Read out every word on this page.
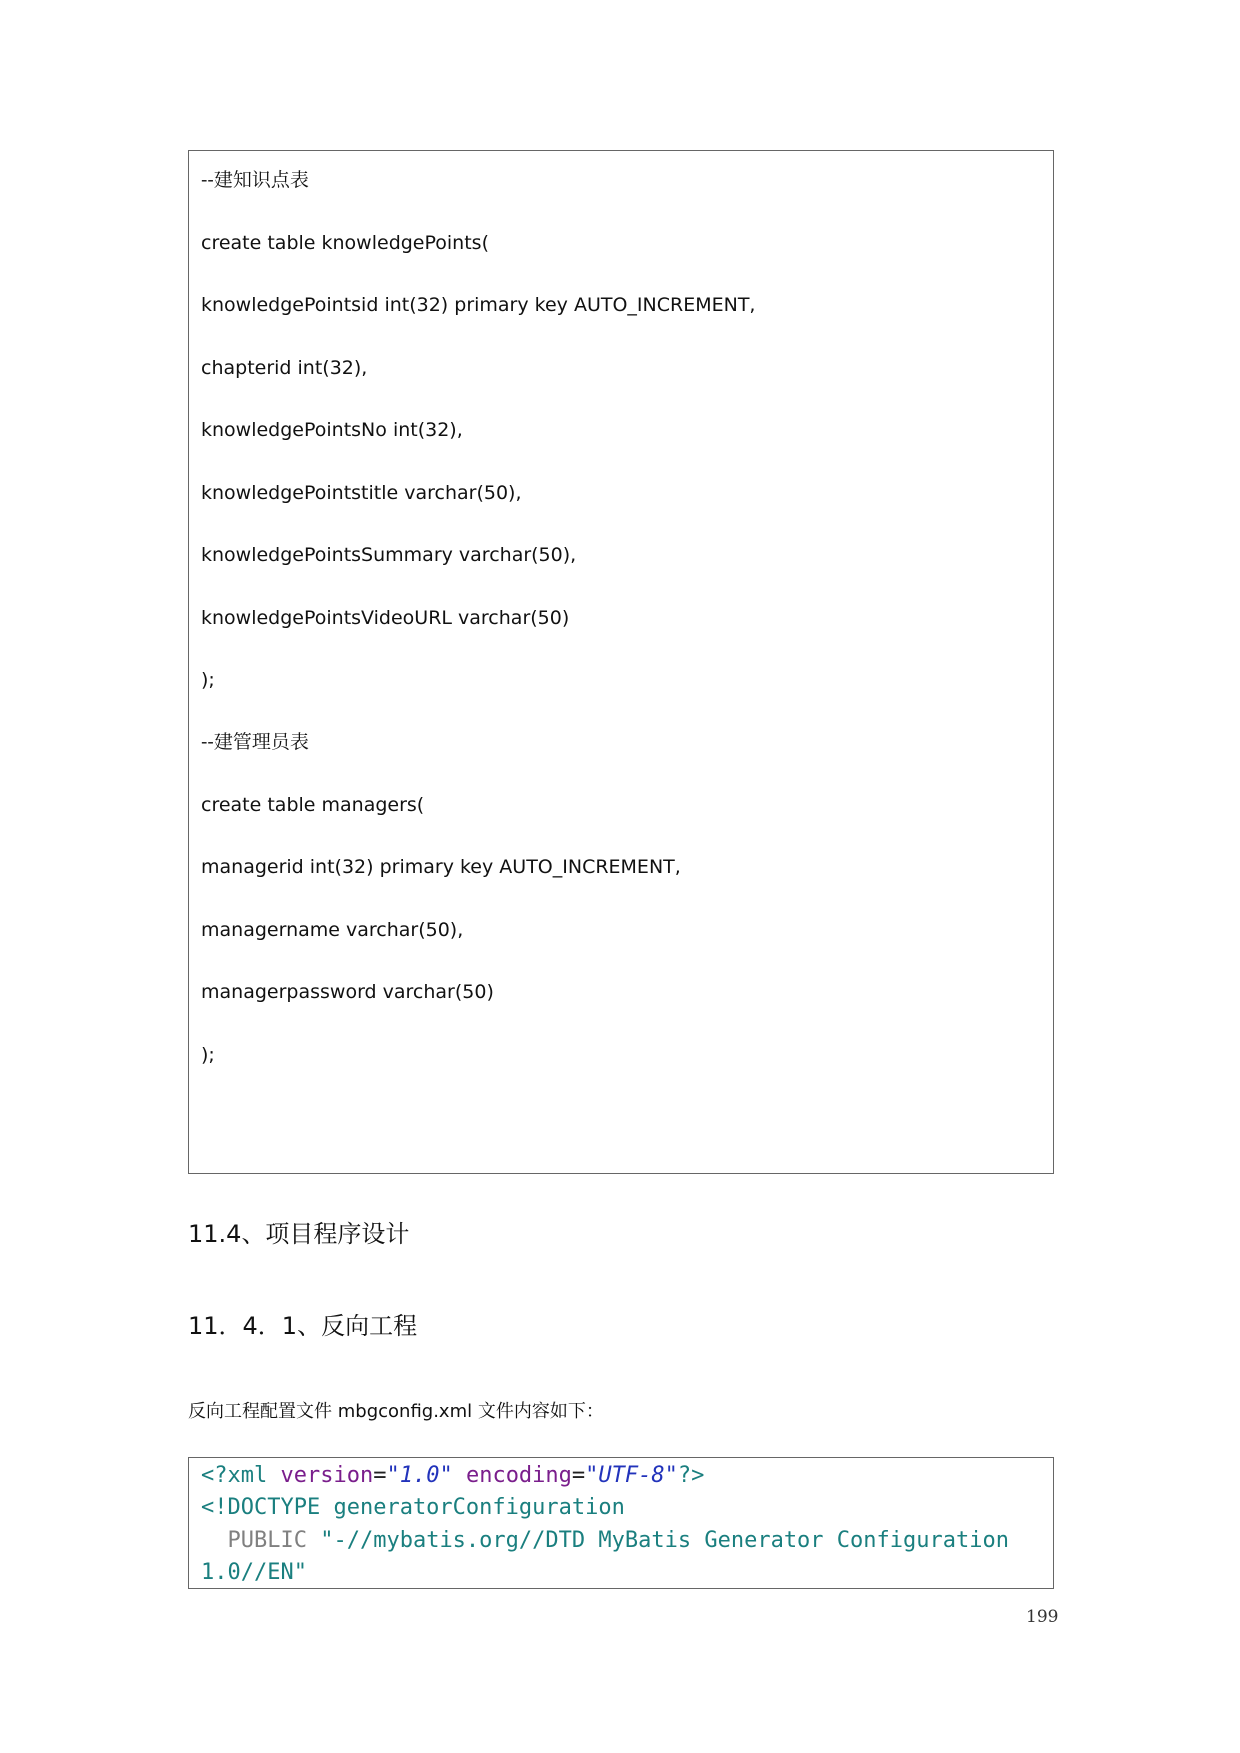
--建知识点表
create table knowledgePoints(
knowledgePointsid int(32) primary key AUTO_INCREMENT,
chapterid int(32),
knowledgePointsNo int(32),
knowledgePointstitle varchar(50),
knowledgePointsSummary varchar(50),
knowledgePointsVideoURL varchar(50)
);
--建管理员表
create table managers(
managerid int(32) primary key AUTO_INCREMENT,
managername varchar(50),
managerpassword varchar(50)
);
11.4、项目程序设计
11．4．1、反向工程
反向工程配置文件 mbgconfig.xml 文件内容如下：
<?xml version="1.0" encoding="UTF-8"?>
<!DOCTYPE generatorConfiguration
PUBLIC "-//mybatis.org//DTD MyBatis Generator Configuration
1.0//EN"
199
